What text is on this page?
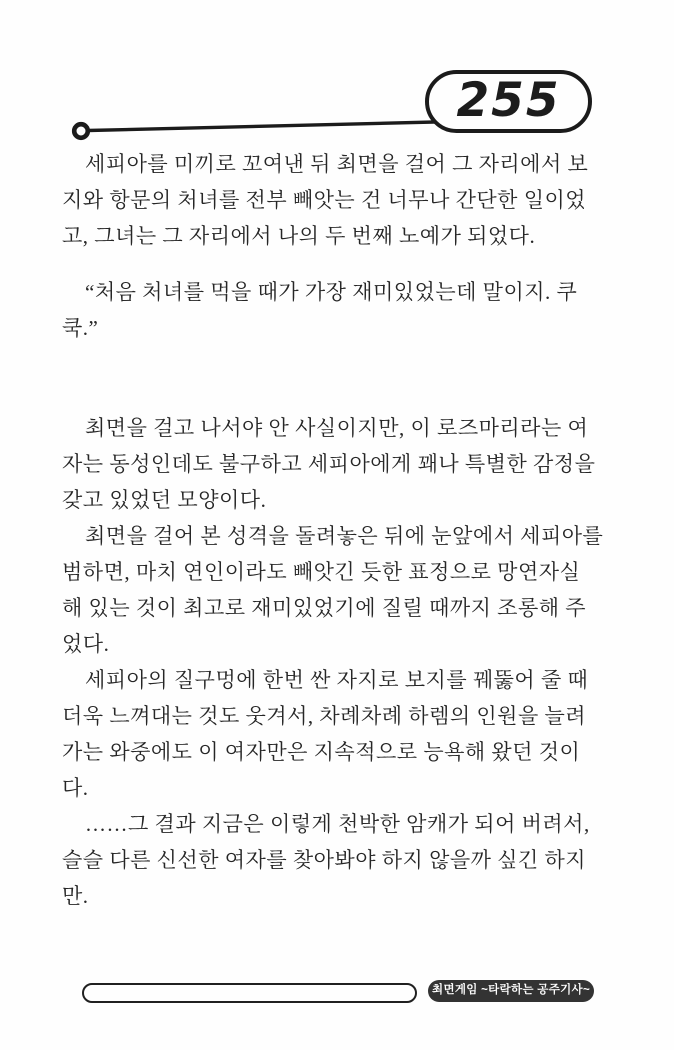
255

세피아를 미끼로 꼬여낸 뒤 최면을 걸어 그 자리에서 보
지와 항문의 처녀를 전부 빼앗는 건 너무나 간단한 일이었
고, 그녀는 그 자리에서 나의 두 번째 노예가 되었다.

“처음 처녀를 먹을 때가 가장 재미있었는데 말이지. 쿠
쿡.”

최면을 걸고 나서야 안 사실이지만, 이 로즈마리라는 여
자는 동성인데도 불구하고 세피아에게 꽤나 특별한 감정을
갖고 있었던 모양이다.

최면을 걸어 본 성격을 돌려놓은 뒤에 눈앞에서 세피아를
범하면, 마치 연인이라도 빼앗긴 듯한 표정으로 망연자실
해 있는 것이 최고로 재미있었기에 질릴 때까지 조롱해 주
었다.

세피아의 질구멍에 한번 싼 자지로 보지를 꿰뚫어 줄 때
더욱 느껴대는 것도 웃겨서, 차례차례 하렘의 인원을 늘려
가는 와중에도 이 여자만은 지속적으로 능욕해 왔던 것이
다.

……그 결과 지금은 이렇게 천박한 암캐가 되어 버려서,
슬슬 다른 신선한 여자를 찾아봐야 하지 않을까 싶긴 하지
만.

최면게임 ~타락하는 공주기사~
